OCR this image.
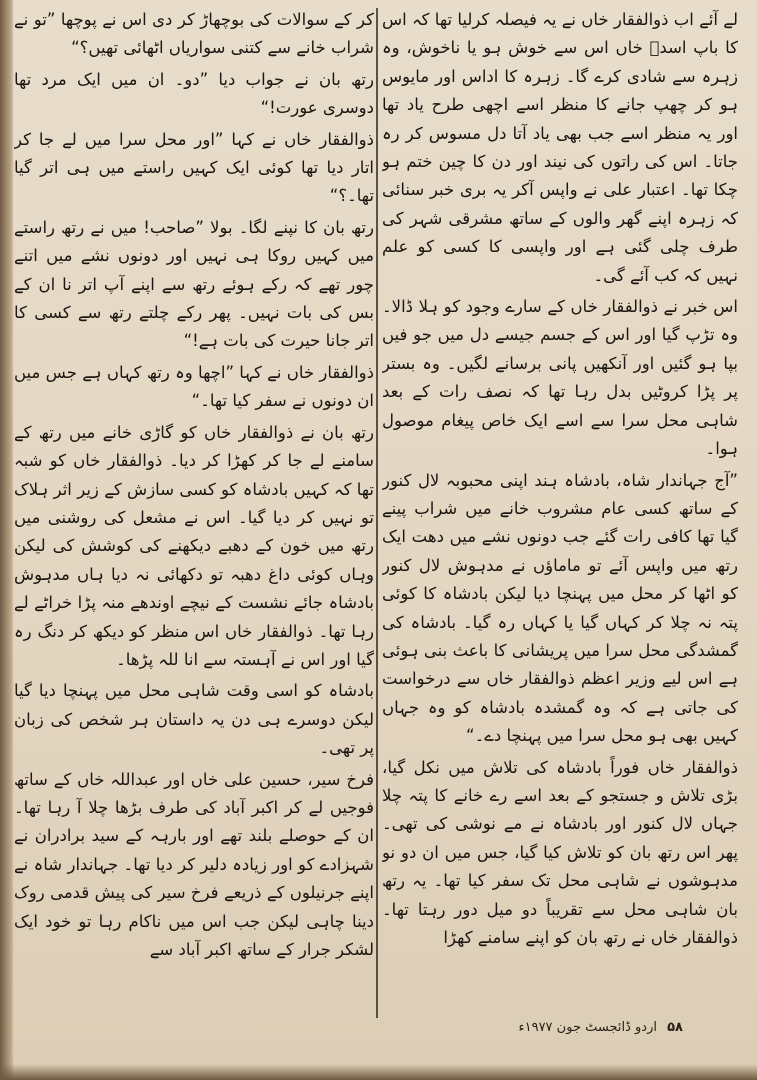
لے آئے اب ذوالفقار خاں نے یہ فیصلہ کرلیا تھا کہ اس کا باپ اسدؔ خاں اس سے خوش ہو یا ناخوش، وہ زہرہ سے شادی کرے گا۔ زہرہ کا اداس اور مایوس ہو کر چھپ جانے کا منظر اسے اچھی طرح یاد تھا اور یہ منظر اسے جب بھی یاد آتا دل مسوس کر رہ جاتا۔ اس کی راتوں کی نیند اور دن کا چین ختم ہو چکا تھا۔ اعتبار علی نے واپس آکر یہ بری خبر سنائی کہ زہرہ اپنے گھر والوں کے ساتھ مشرقی شہر کی طرف چلی گئی ہے اور واپسی کا کسی کو علم نہیں کہ کب آئے گی۔

اس خبر نے ذوالفقار خاں کے سارے وجود کو ہلا ڈالا۔ وہ تڑپ گیا اور اس کے جسم جیسے دل میں جو فیں بپا ہو گئیں اور آنکھیں پانی برسانے لگیں۔ وہ بستر پر پڑا کروٹیں بدل رہا تھا کہ نصف رات کے بعد شاہی محل سرا سے اسے ایک خاص پیغام موصول ہوا۔

”آج جہاندار شاہ، بادشاہ ہند اپنی محبوبہ لال کنور کے ساتھ کسی عام مشروب خانے میں شراب پینے گیا تھا کافی رات گئے جب دونوں نشے میں دھت ایک رتھ میں واپس آئے تو ماماؤں نے مدہوش لال کنور کو اٹھا کر محل میں پہنچا دیا لیکن بادشاہ کا کوئی پتہ نہ چلا کر کہاں گیا یا کہاں رہ گیا۔ بادشاہ کی گمشدگی محل سرا میں پریشانی کا باعث بنی ہوئی ہے اس لیے وزیر اعظم ذوالفقار خاں سے درخواست کی جاتی ہے کہ وہ گمشدہ بادشاہ کو وہ جہاں کہیں بھی ہو محل سرا میں پہنچا دے۔“

ذوالفقار خاں فوراً بادشاہ کی تلاش میں نکل گیا، بڑی تلاش و جستجو کے بعد اسے رے خانے کا پتہ چلا جہاں لال کنور اور بادشاہ نے مے نوشی کی تھی۔ پھر اس رتھ بان کو تلاش کیا گیا، جس میں ان دو نو مدہوشوں نے شاہی محل تک سفر کیا تھا۔ یہ رتھ بان شاہی محل سے تقریباً دو میل دور رہتا تھا۔ ذوالفقار خاں نے رتھ بان کو اپنے سامنے کھڑا

کر کے سوالات کی بوچھاڑ کر دی اس نے پوچھا ”تو نے شراب خانے سے کتنی سواریاں اٹھائی تھیں؟“

رتھ بان نے جواب دیا ”دو۔ ان میں ایک مرد تھا دوسری عورت!“

ذوالفقار خاں نے کہا ”اور محل سرا میں لے جا کر اتار دیا تھا کوئی ایک کہیں راستے میں ہی اتر گیا تھا۔؟“

رتھ بان کا نپنے لگا۔ بولا ”صاحب! میں نے رتھ راستے میں کہیں روکا ہی نہیں اور دونوں نشے میں اتنے چور تھے کہ رکے ہوئے رتھ سے اپنے آپ اتر نا ان کے بس کی بات نہیں۔ پھر رکے چلتے رتھ سے کسی کا اتر جانا حیرت کی بات ہے!“

ذوالفقار خاں نے کہا ”اچھا وہ رتھ کہاں ہے جس میں ان دونوں نے سفر کیا تھا۔“

رتھ بان نے ذوالفقار خاں کو گاڑی خانے میں رتھ کے سامنے لے جا کر کھڑا کر دیا۔ ذوالفقار خاں کو شبہ تھا کہ کہیں بادشاہ کو کسی سازش کے زیر اثر ہلاک تو نہیں کر دیا گیا۔ اس نے مشعل کی روشنی میں رتھ میں خون کے دھبے دیکھنے کی کوشش کی لیکن وہاں کوئی داغ دھبہ تو دکھائی نہ دیا ہاں مدہوش بادشاہ جائے نشست کے نیچے اوندھے منہ پڑا خراٹے لے رہا تھا۔ ذوالفقار خاں اس منظر کو دیکھ کر دنگ رہ گیا اور اس نے آہستہ سے انا للہ پڑھا۔

بادشاہ کو اسی وقت شاہی محل میں پہنچا دیا گیا لیکن دوسرے ہی دن یہ داستان ہر شخص کی زبان پر تھی۔

فرخ سیر، حسین علی خاں اور عبداللہ خاں کے ساتھ فوجیں لے کر اکبر آباد کی طرف بڑھا چلا آ رہا تھا۔ ان کے حوصلے بلند تھے اور بارہہ کے سید برادران نے شہزادے کو اور زیادہ دلیر کر دیا تھا۔ جہاندار شاہ نے اپنے جرنیلوں کے ذریعے فرخ سیر کی پیش قدمی روک دینا چاہی لیکن جب اس میں ناکام رہا تو خود ایک لشکر جرار کے ساتھ اکبر آباد سے

۵۸ اردو ڈائجسٹ جون ۱۹۷۷ء
